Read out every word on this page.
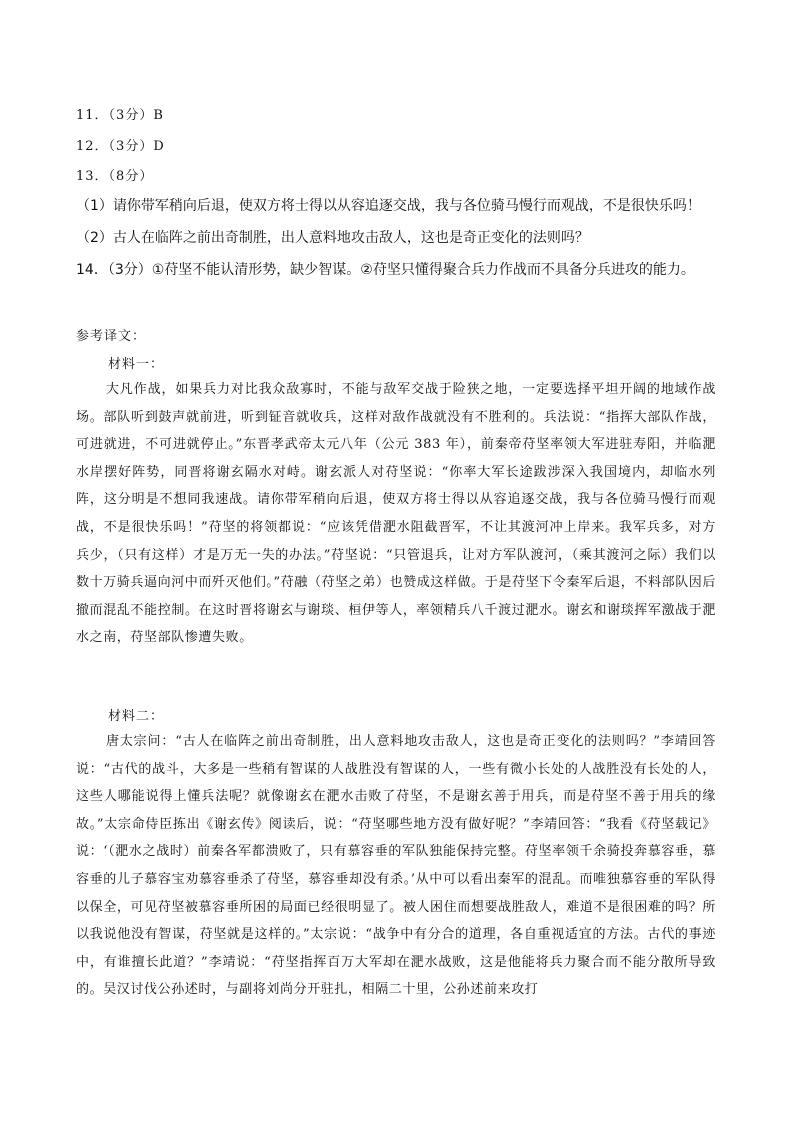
11．（3分）B
12．（3分）D
13．（8分）
（1）请你带军稍向后退，使双方将士得以从容追逐交战，我与各位骑马慢行而观战，不是很快乐吗！
（2）古人在临阵之前出奇制胜，出人意料地攻击敌人，这也是奇正变化的法则吗？
14．（3分）①苻坚不能认清形势，缺少智谋。②苻坚只懂得聚合兵力作战而不具备分兵进攻的能力。
参考译文：
材料一：
大凡作战，如果兵力对比我众敌寡时，不能与敌军交战于险狭之地，一定要选择平坦开阔的地域作战场。部队听到鼓声就前进，听到钲音就收兵，这样对敌作战就没有不胜利的。兵法说：“指挥大部队作战，可进就进，不可进就停止。”东晋孝武帝太元八年（公元 383 年），前秦帝苻坚率领大军进驻寿阳，并临淝水岸摆好阵势，同晋将谢玄隔水对峙。谢玄派人对苻坚说：“你率大军长途跋涉深入我国境内，却临水列阵，这分明是不想同我速战。请你带军稍向后退，使双方将士得以从容追逐交战，我与各位骑马慢行而观战，不是很快乐吗！”苻坚的将领都说：“应该凭借淝水阻截晋军，不让其渡河冲上岸来。我军兵多，对方兵少，（只有这样）才是万无一失的办法。”苻坚说：“只管退兵，让对方军队渡河，（乘其渡河之际）我们以数十万骑兵逼向河中而歼灭他们。”苻融（苻坚之弟）也赞成这样做。于是苻坚下令秦军后退，不料部队因后撤而混乱不能控制。在这时晋将谢玄与谢琰、桓伊等人，率领精兵八千渡过淝水。谢玄和谢琰挥军激战于淝水之南，苻坚部队惨遭失败。
材料二：
唐太宗问：“古人在临阵之前出奇制胜，出人意料地攻击敌人，这也是奇正变化的法则吗？”李靖回答说：“古代的战斗，大多是一些稍有智谋的人战胜没有智谋的人，一些有微小长处的人战胜没有长处的人，这些人哪能说得上懂兵法呢？就像谢玄在淝水击败了苻坚，不是谢玄善于用兵，而是苻坚不善于用兵的缘故。”太宗命侍臣拣出《谢玄传》阅读后，说：“苻坚哪些地方没有做好呢？”李靖回答：“我看《苻坚载记》说：‘（淝水之战时）前秦各军都溃败了，只有慕容垂的军队独能保持完整。苻坚率领千余骑投奔慕容垂，慕容垂的儿子慕容宝劝慕容垂杀了苻坚，慕容垂却没有杀。’从中可以看出秦军的混乱。而唯独慕容垂的军队得以保全，可见苻坚被慕容垂所困的局面已经很明显了。被人困住而想要战胜敌人，难道不是很困难的吗？所以我说他没有智谋，苻坚就是这样的。”太宗说：“战争中有分合的道理，各自重视适宜的方法。古代的事迹中，有谁擅长此道？”李靖说：“苻坚指挥百万大军却在淝水战败，这是他能将兵力聚合而不能分散所导致的。吴汉讨伐公孙述时，与副将刘尚分开驻扎，相隔二十里，公孙述前来攻打
